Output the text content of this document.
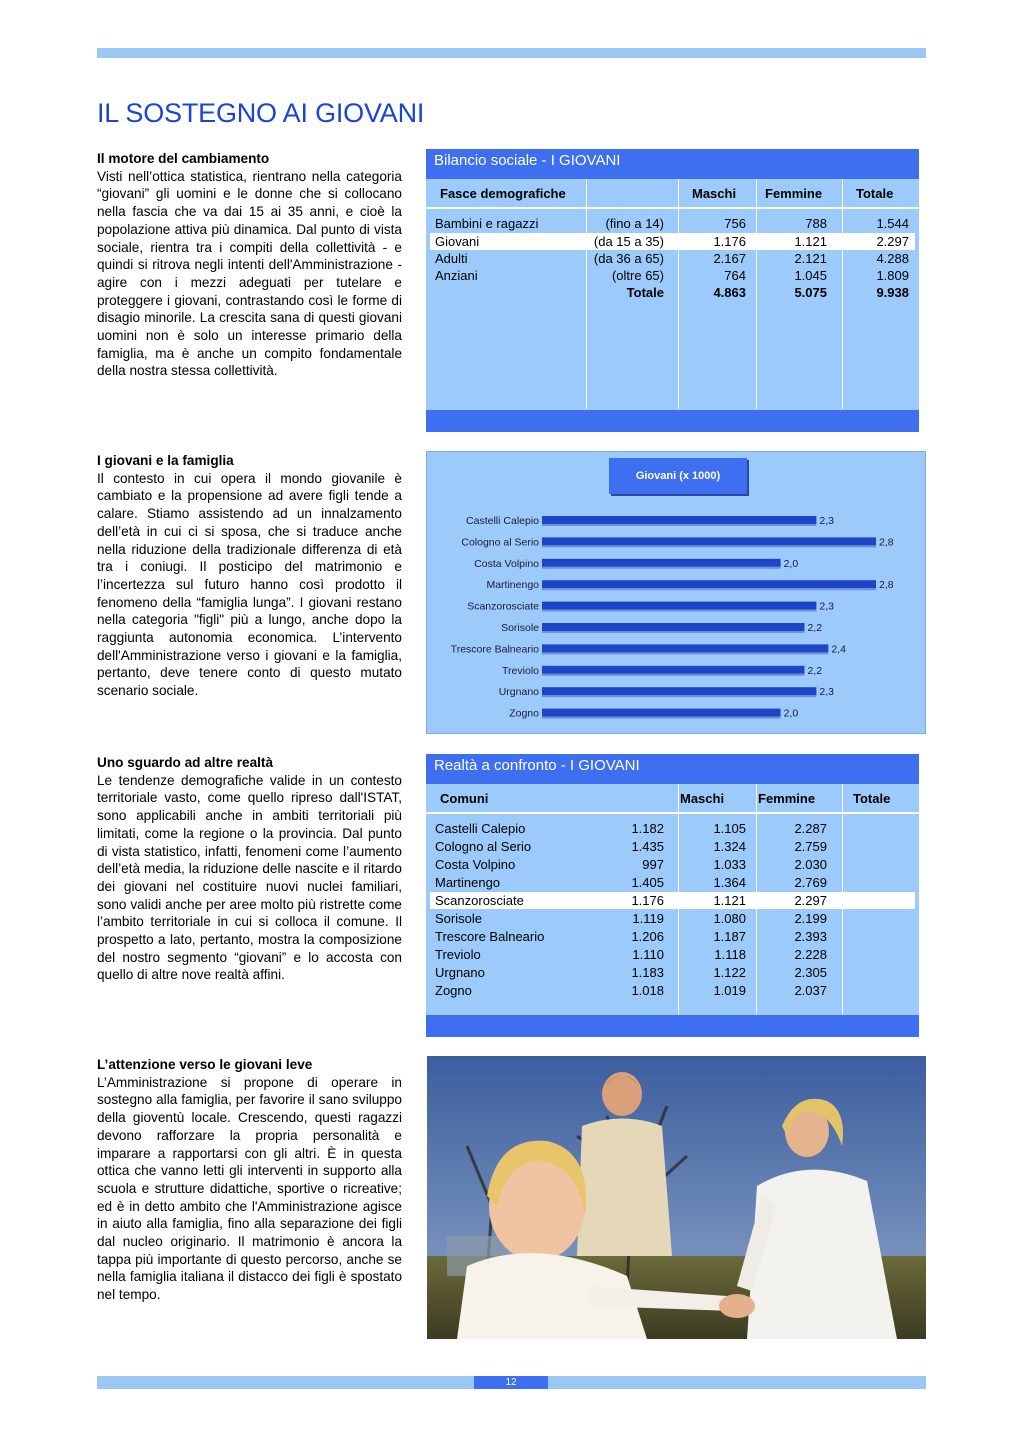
IL SOSTEGNO AI GIOVANI
Il motore del cambiamento

Visti nell’ottica statistica, rientrano nella categoria “giovani” gli uomini e le donne che si collocano nella fascia che va dai 15 ai 35 anni, e cioè la popolazione attiva più dinamica. Dal punto di vista sociale, rientra tra i compiti della collettività - e quindi si ritrova negli intenti dell'Amministrazione - agire con i mezzi adeguati per tutelare e proteggere i giovani, contrastando così le forme di disagio minorile. La crescita sana di questi giovani uomini non è solo un interesse primario della famiglia, ma è anche un compito fondamentale della nostra stessa collettività.

I giovani e la famiglia

Il contesto in cui opera il mondo giovanile è cambiato e la propensione ad avere figli tende a calare. Stiamo assistendo ad un innalzamento dell’età in cui ci si sposa, che si traduce anche nella riduzione della tradizionale differenza di età tra i coniugi. Il posticipo del matrimonio e l’incertezza sul futuro hanno così prodotto il fenomeno della “famiglia lunga”. I giovani restano nella categoria "figli" più a lungo, anche dopo la raggiunta autonomia economica. L’intervento dell'Amministrazione verso i giovani e la famiglia, pertanto, deve tenere conto di questo mutato scenario sociale.

Uno sguardo ad altre realtà

Le tendenze demografiche valide in un contesto territoriale vasto, come quello ripreso dall'ISTAT, sono applicabili anche in ambiti territoriali più limitati, come la regione o la provincia. Dal punto di vista statistico, infatti, fenomeni come l’aumento dell’età media, la riduzione delle nascite e il ritardo dei giovani nel costituire nuovi nuclei familiari, sono validi anche per aree molto più ristrette come l’ambito territoriale in cui si colloca il comune. Il prospetto a lato, pertanto, mostra la composizione del nostro segmento “giovani” e lo accosta con quello di altre nove realtà affini.

L’attenzione verso le giovani leve

L’Amministrazione si propone di operare in sostegno alla famiglia, per favorire il sano sviluppo della gioventù locale. Crescendo, questi ragazzi devono rafforzare la propria personalità e imparare a rapportarsi con gli altri. È in questa ottica che vanno letti gli interventi in supporto alla scuola e strutture didattiche, sportive o ricreative; ed è in detto ambito che l'Amministrazione agisce in aiuto alla famiglia, fino alla separazione dei figli dal nucleo originario. Il matrimonio è ancora la tappa più importante di questo percorso, anche se nella famiglia italiana il distacco dei figli è spostato nel tempo.

Bilancio sociale - I GIOVANI
Fasce demografiche	Maschi Femmine	Totale
Bambini e ragazzi	(fino a 14)	756	788	1.544
Giovani	(da 15 a 35)	1.176	1.121	2.297
Adulti	(da 36 a 65)	2.167	2.121	4.288
Anziani	(oltre 65)	764	1.045	1.809
Totale	4.863	5.075	9.938
Giovani (x 1000)
Castelli Calepio	2,3
Cologno al Serio	2,8
Costa Volpino	2,0
Martinengo	2,8
Scanzorosciate	2,3
Sorisole	2,2
Trescore Balneario	2,4
Treviolo	2,2
Urgnano	2,3
Zogno	2,0
Realtà a confronto - I GIOVANI
Comuni	Maschi	Femmine	Totale
Castelli Calepio	1.182	1.105	2.287
Cologno al Serio	1.435	1.324	2.759
Costa Volpino	997	1.033	2.030
Martinengo	1.405	1.364	2.769
Scanzorosciate	1.176	1.121	2.297
Sorisole	1.119	1.080	2.199
Trescore Balneario	1.206	1.187	2.393
Treviolo	1.110	1.118	2.228
Urgnano	1.183	1.122	2.305
Zogno	1.018	1.019	2.037
12
